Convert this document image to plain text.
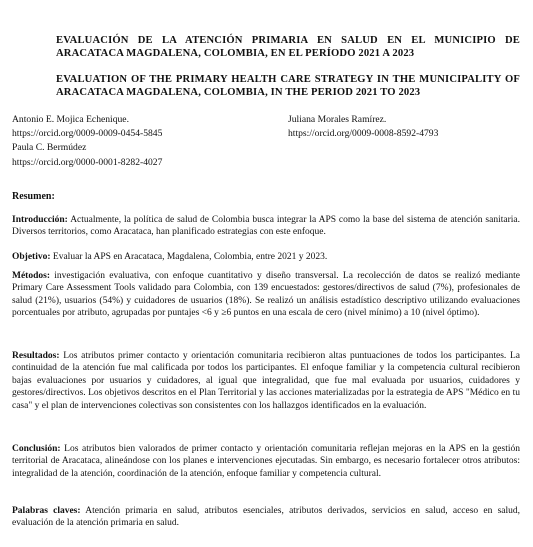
EVALUACIÓN DE LA ATENCIÓN PRIMARIA EN SALUD EN EL MUNICIPIO DE ARACATACA MAGDALENA, COLOMBIA, EN EL PERÍODO 2021 A 2023
EVALUATION OF THE PRIMARY HEALTH CARE STRATEGY IN THE MUNICIPALITY OF ARACATACA MAGDALENA, COLOMBIA, IN THE PERIOD 2021 TO 2023
Antonio E. Mojica Echenique.
https://orcid.org/0009-0009-0454-5845
Paula C. Bermúdez
https://orcid.org/0000-0001-8282-4027
Juliana Morales Ramírez.
https://orcid.org/0009-0008-8592-4793
Resumen:
Introducción: Actualmente, la política de salud de Colombia busca integrar la APS como la base del sistema de atención sanitaria. Diversos territorios, como Aracataca, han planificado estrategias con este enfoque.
Objetivo: Evaluar la APS en Aracataca, Magdalena, Colombia, entre 2021 y 2023.
Métodos: investigación evaluativa, con enfoque cuantitativo y diseño transversal. La recolección de datos se realizó mediante Primary Care Assessment Tools validado para Colombia, con 139 encuestados: gestores/directivos de salud (7%), profesionales de salud (21%), usuarios (54%) y cuidadores de usuarios (18%). Se realizó un análisis estadístico descriptivo utilizando evaluaciones porcentuales por atributo, agrupadas por puntajes <6 y ≥6 puntos en una escala de cero (nivel mínimo) a 10 (nivel óptimo).
Resultados: Los atributos primer contacto y orientación comunitaria recibieron altas puntuaciones de todos los participantes. La continuidad de la atención fue mal calificada por todos los participantes. El enfoque familiar y la competencia cultural recibieron bajas evaluaciones por usuarios y cuidadores, al igual que integralidad, que fue mal evaluada por usuarios, cuidadores y gestores/directivos. Los objetivos descritos en el Plan Territorial y las acciones materializadas por la estrategia de APS "Médico en tu casa" y el plan de intervenciones colectivas son consistentes con los hallazgos identificados en la evaluación.
Conclusión: Los atributos bien valorados de primer contacto y orientación comunitaria reflejan mejoras en la APS en la gestión territorial de Aracataca, alineándose con los planes e intervenciones ejecutadas. Sin embargo, es necesario fortalecer otros atributos: integralidad de la atención, coordinación de la atención, enfoque familiar y competencia cultural.
Palabras claves: Atención primaria en salud, atributos esenciales, atributos derivados, servicios en salud, acceso en salud, evaluación de la atención primaria en salud.
